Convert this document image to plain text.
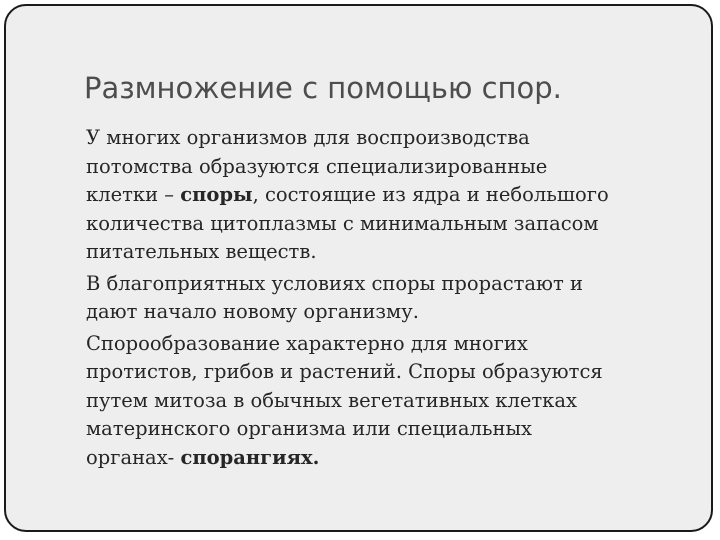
Размножение с помощью спор.

У многих организмов для воспроизводства
потомства образуются специализированные
клетки – споры, состоящие из ядра и небольшого
количества цитоплазмы с минимальным запасом
питательных веществ.

В благоприятных условиях споры прорастают и
дают начало новому организму.

Спорообразование характерно для многих
протистов, грибов и растений. Споры образуются
путем митоза в обычных вегетативных клетках
материнского организма или специальных
органах- спорангиях.
